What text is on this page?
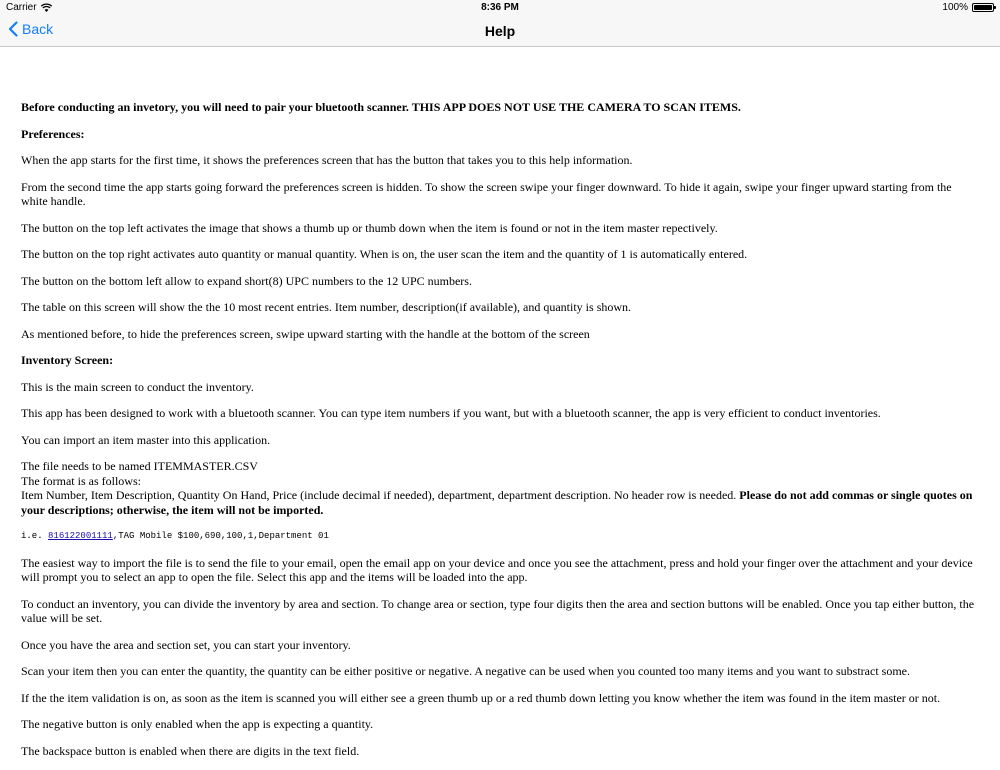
Carrier	8:36 PM	100%
Back	Help

Before conducting an invetory, you will need to pair your bluetooth scanner. THIS APP DOES NOT USE THE CAMERA TO SCAN ITEMS.

Preferences:

When the app starts for the first time, it shows the preferences screen that has the button that takes you to this help information.

From the second time the app starts going forward the preferences screen is hidden. To show the screen swipe your finger downward. To hide it again, swipe your finger upward starting from the white handle.

The button on the top left activates the image that shows a thumb up or thumb down when the item is found or not in the item master repectively.

The button on the top right activates auto quantity or manual quantity. When is on, the user scan the item and the quantity of 1 is automatically entered.

The button on the bottom left allow to expand short(8) UPC numbers to the 12 UPC numbers.

The table on this screen will show the the 10 most recent entries. Item number, description(if available), and quantity is shown.

As mentioned before, to hide the preferences screen, swipe upward starting with the handle at the bottom of the screen

Inventory Screen:

This is the main screen to conduct the inventory.

This app has been designed to work with a bluetooth scanner. You can type item numbers if you want, but with a bluetooth scanner, the app is very efficient to conduct inventories.

You can import an item master into this application.

The file needs to be named ITEMMASTER.CSV
The format is as follows:
Item Number, Item Description, Quantity On Hand, Price (include decimal if needed), department, department description. No header row is needed. Please do not add commas or single quotes on your descriptions; otherwise, the item will not be imported.

i.e. 816122001111,TAG Mobile $100,690,100,1,Department 01

The easiest way to import the file is to send the file to your email, open the email app on your device and once you see the attachment, press and hold your finger over the attachment and your device will prompt you to select an app to open the file. Select this app and the items will be loaded into the app.

To conduct an inventory, you can divide the inventory by area and section. To change area or section, type four digits then the area and section buttons will be enabled. Once you tap either button, the value will be set.

Once you have the area and section set, you can start your inventory.

Scan your item then you can enter the quantity, the quantity can be either positive or negative. A negative can be used when you counted too many items and you want to substract some.

If the the item validation is on, as soon as the item is scanned you will either see a green thumb up or a red thumb down letting you know whether the item was found in the item master or not.

The negative button is only enabled when the app is expecting a quantity.

The backspace button is enabled when there are digits in the text field.
